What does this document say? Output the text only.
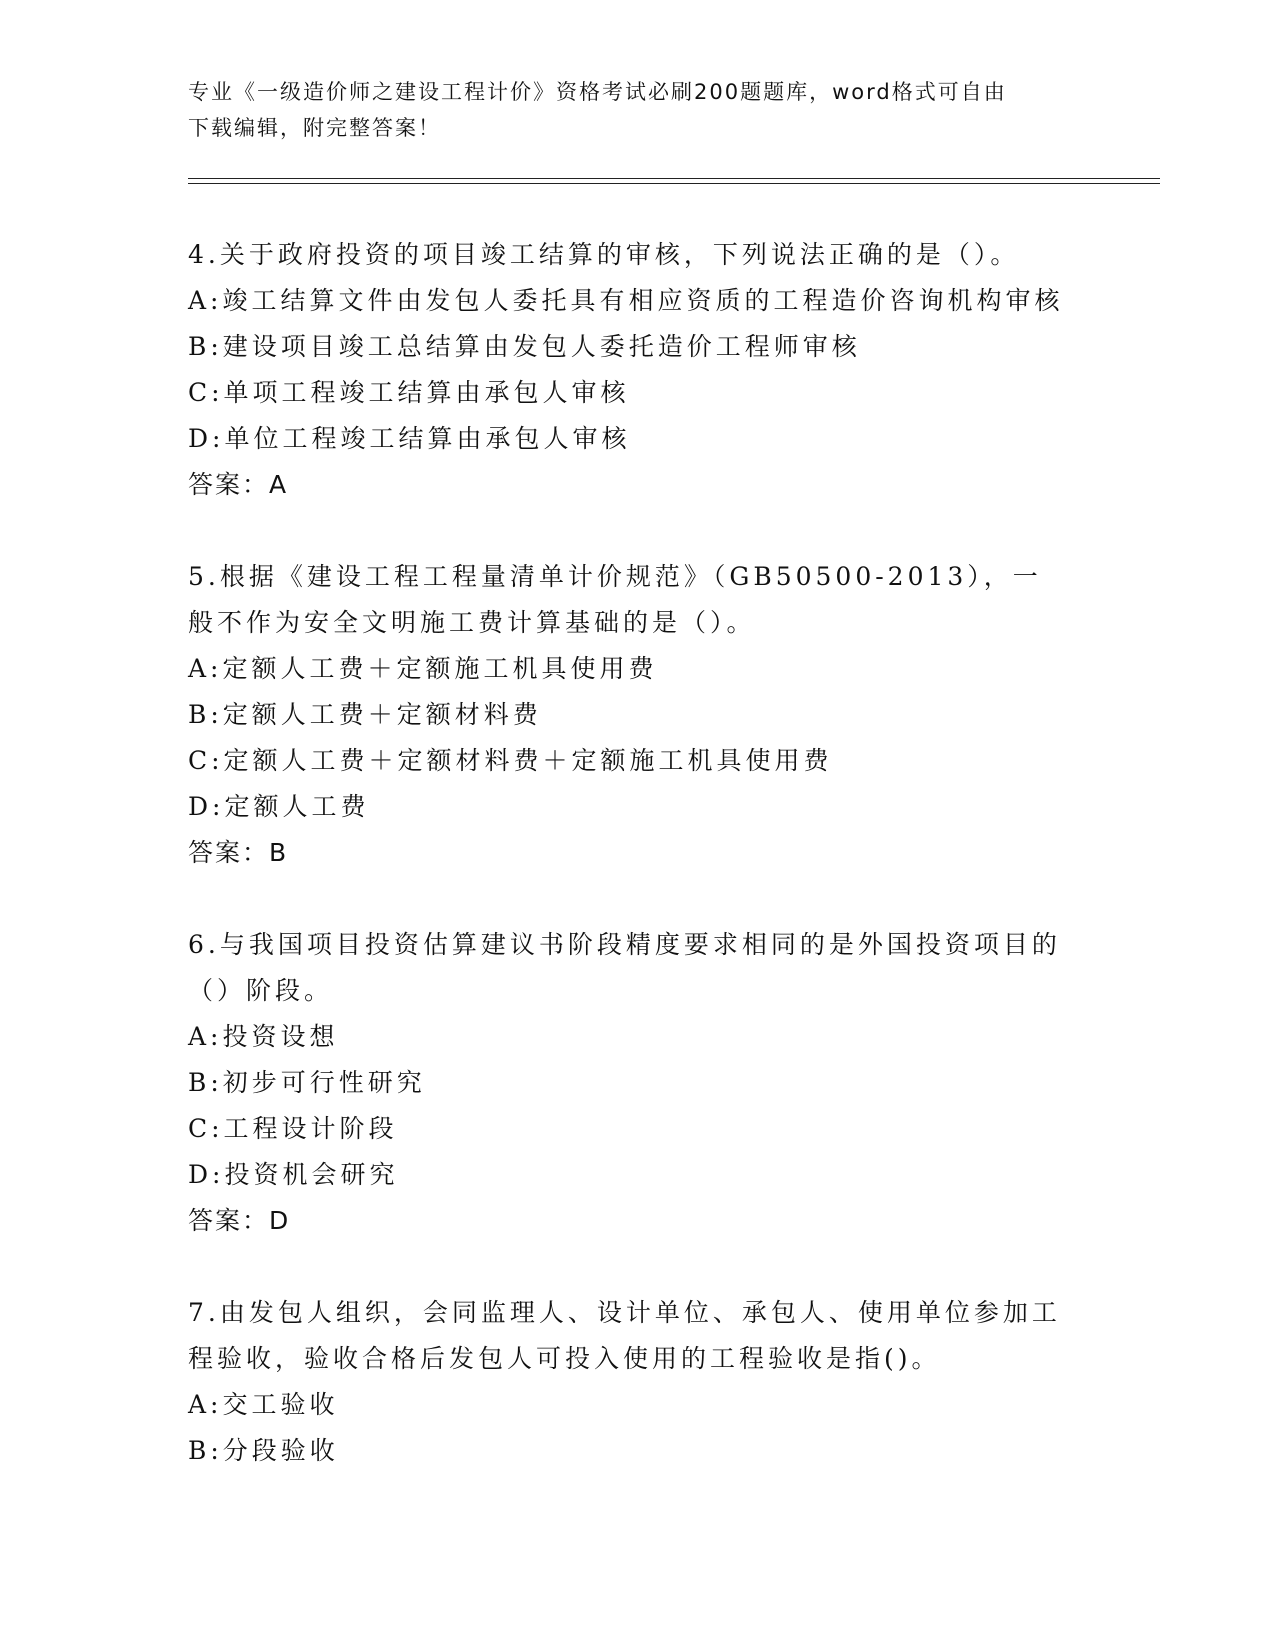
专业《一级造价师之建设工程计价》资格考试必刷200题题库，word格式可自由
下载编辑，附完整答案！
4.关于政府投资的项目竣工结算的审核，下列说法正确的是（）。
A:竣工结算文件由发包人委托具有相应资质的工程造价咨询机构审核
B:建设项目竣工总结算由发包人委托造价工程师审核
C:单项工程竣工结算由承包人审核
D:单位工程竣工结算由承包人审核
答案：A
5.根据《建设工程工程量清单计价规范》（GB50500-2013），一般不作为安全文明施工费计算基础的是（）。
A:定额人工费＋定额施工机具使用费
B:定额人工费＋定额材料费
C:定额人工费＋定额材料费＋定额施工机具使用费
D:定额人工费
答案：B
6.与我国项目投资估算建议书阶段精度要求相同的是外国投资项目的（）阶段。
A:投资设想
B:初步可行性研究
C:工程设计阶段
D:投资机会研究
答案：D
7.由发包人组织，会同监理人、设计单位、承包人、使用单位参加工程验收，验收合格后发包人可投入使用的工程验收是指()。
A:交工验收
B:分段验收
